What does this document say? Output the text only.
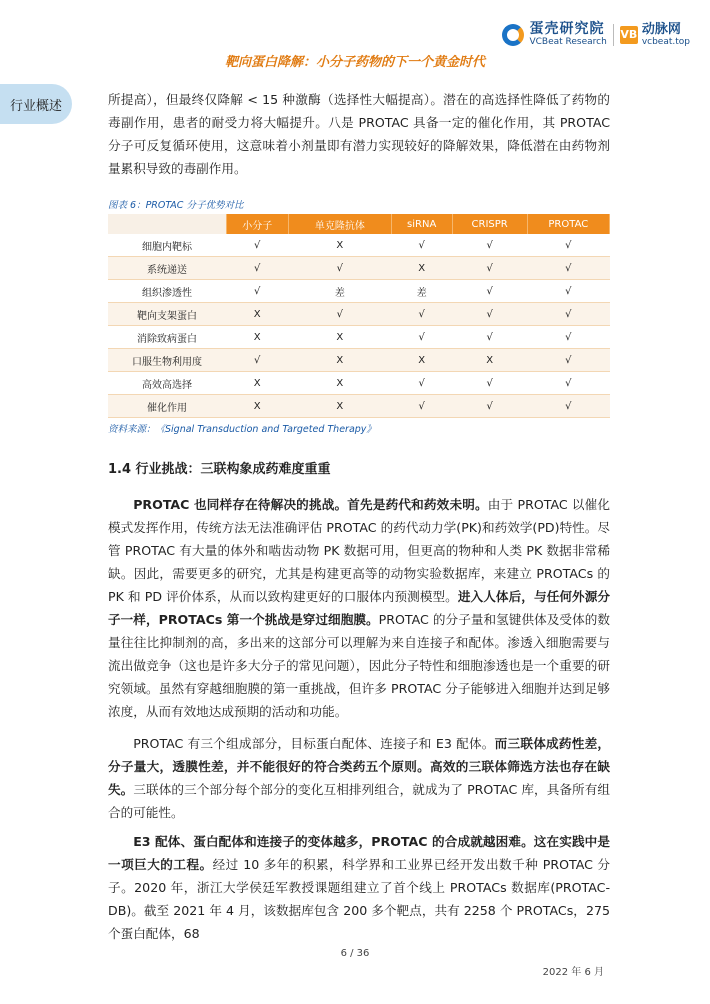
蛋壳研究院
VCBeat Research
VB 动脉网
vcbeat.top
靶向蛋白降解：小分子药物的下一个黄金时代
行业概述	所提高），但最终仅降解 < 15 种激酶（选择性大幅提高）。潜在的高选择性降低了药物的毒副作用，患者的耐受力将大幅提升。八是 PROTAC 具备一定的催化作用，其 PROTAC 分子可反复循环使用，这意味着小剂量即有潜力实现较好的降解效果，降低潜在由药物剂量累积导致的毒副作用。

图表 6：PROTAC 分子优势对比
	小分子	单克隆抗体	siRNA	CRISPR	PROTAC
细胞内靶标	√	X	√	√	√
系统递送	√	√	X	√	√
组织渗透性	√	差	差	√	√
靶向支架蛋白	X	√	√	√	√
消除致病蛋白	X	X	√	√	√
口服生物利用度	√	X	X	X	√
高效高选择	X	X	√	√	√
催化作用	X	X	√	√	√
资料来源：《Signal Transduction and Targeted Therapy》
1.4 行业挑战：三联构象成药难度重重

PROTAC 也同样存在待解决的挑战。首先是药代和药效未明。由于 PROTAC 以催化模式发挥作用，传统方法无法准确评估 PROTAC 的药代动力学(PK)和药效学(PD)特性。尽管 PROTAC 有大量的体外和啮齿动物 PK 数据可用，但更高的物种和人类 PK 数据非常稀缺。因此，需要更多的研究，尤其是构建更高等的动物实验数据库，来建立 PROTACs 的 PK 和 PD 评价体系，从而以致构建更好的口服体内预测模型。进入人体后，与任何外源分子一样，PROTACs 第一个挑战是穿过细胞膜。PROTAC 的分子量和氢键供体及受体的数量往往比抑制剂的高，多出来的这部分可以理解为来自连接子和配体。渗透入细胞需要与流出做竞争（这也是许多大分子的常见问题），因此分子特性和细胞渗透也是一个重要的研究领域。虽然有穿越细胞膜的第一重挑战，但许多 PROTAC 分子能够进入细胞并达到足够浓度，从而有效地达成预期的活动和功能。

PROTAC 有三个组成部分，目标蛋白配体、连接子和 E3 配体。而三联体成药性差，分子量大，透膜性差，并不能很好的符合类药五个原则。高效的三联体筛选方法也存在缺失。三联体的三个部分每个部分的变化互相排列组合，就成为了 PROTAC 库，具备所有组合的可能性。

E3 配体、蛋白配体和连接子的变体越多，PROTAC 的合成就越困难。这在实践中是一项巨大的工程。经过 10 多年的积累，科学界和工业界已经开发出数千种 PROTAC 分子。2020 年，浙江大学侯廷军教授课题组建立了首个线上 PROTACs 数据库(PROTAC-DB)。截至 2021 年 4 月，该数据库包含 200 多个靶点，共有 2258 个 PROTACs，275 个蛋白配体，68

6 / 36
2022 年 6 月
